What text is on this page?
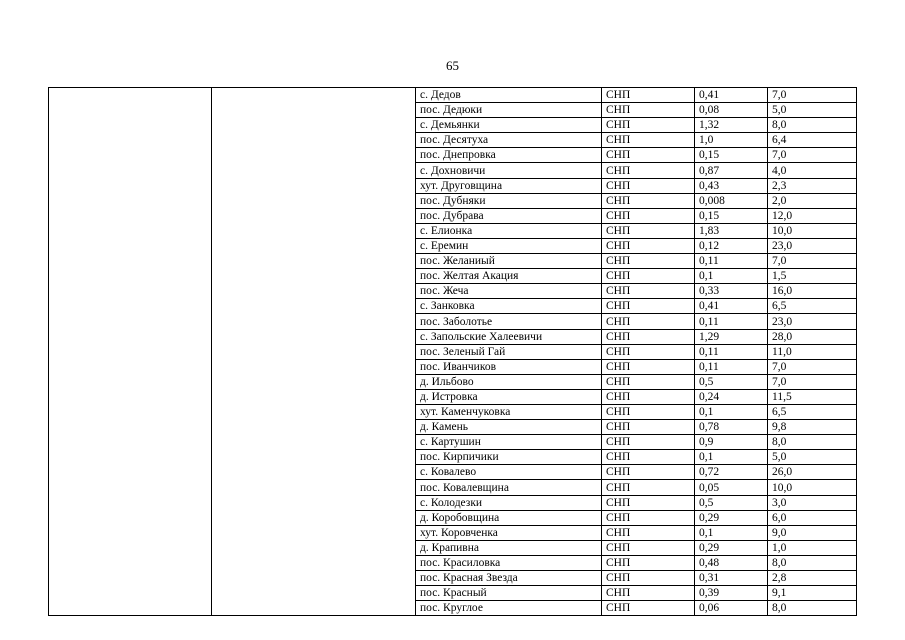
65
		с. Дедов	СНП	0,41	7,0
		пос. Дедюки	СНП	0,08	5,0
		с. Демьянки	СНП	1,32	8,0
		пос. Десятуха	СНП	1,0	6,4
		пос. Днепровка	СНП	0,15	7,0
		с. Дохновичи	СНП	0,87	4,0
		хут. Друговщина	СНП	0,43	2,3
		пос. Дубняки	СНП	0,008	2,0
		пос. Дубрава	СНП	0,15	12,0
		с. Елионка	СНП	1,83	10,0
		с. Еремин	СНП	0,12	23,0
		пос. Желаниый	СНП	0,11	7,0
		пос. Желтая Акация	СНП	0,1	1,5
		пос. Жеча	СНП	0,33	16,0
		с. Занковка	СНП	0,41	6,5
		пос. Заболотье	СНП	0,11	23,0
		с. Запольские Халеевичи	СНП	1,29	28,0
		пос. Зеленый Гай	СНП	0,11	11,0
		пос. Иванчиков	СНП	0,11	7,0
		д. Ильбово	СНП	0,5	7,0
		д. Истровка	СНП	0,24	11,5
		хут. Каменчуковка	СНП	0,1	6,5
		д. Камень	СНП	0,78	9,8
		с. Картушин	СНП	0,9	8,0
		пос. Кирпичики	СНП	0,1	5,0
		с. Ковалево	СНП	0,72	26,0
		пос. Ковалевщина	СНП	0,05	10,0
		с. Колодезки	СНП	0,5	3,0
		д. Коробовщина	СНП	0,29	6,0
		хут. Коровченка	СНП	0,1	9,0
		д. Крапивна	СНП	0,29	1,0
		пос. Красиловка	СНП	0,48	8,0
		пос. Красная Звезда	СНП	0,31	2,8
		пос. Красный	СНП	0,39	9,1
		пос. Круглое	СНП	0,06	8,0
